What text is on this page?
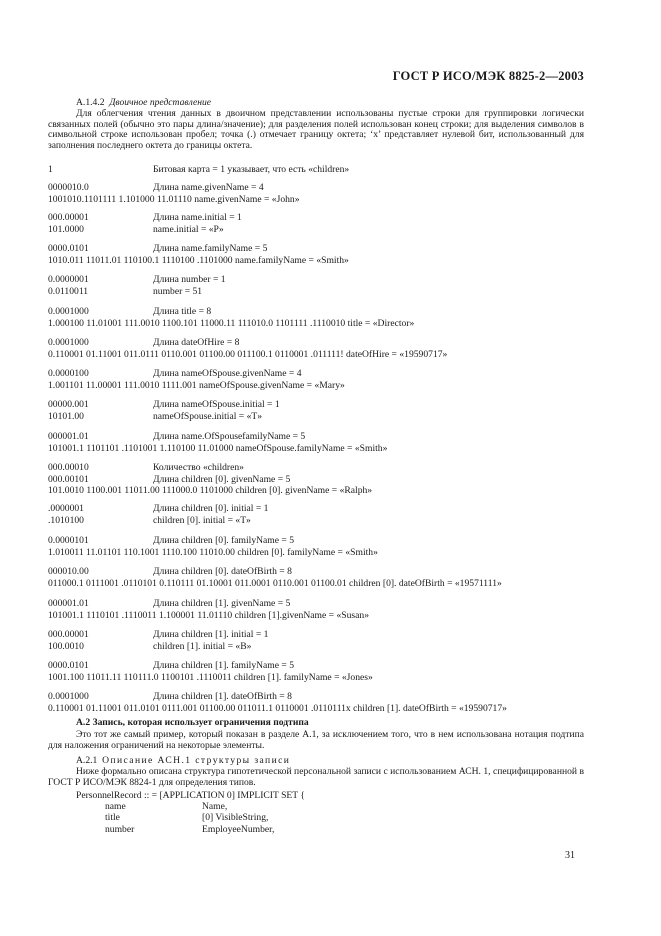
ГОСТ Р ИСО/МЭК 8825-2—2003
А.1.4.2 Двоичное представление
Для облегчения чтения данных в двоичном представлении использованы пустые строки для группировки логически связанных полей (обычно это пары длина/значение); для разделения полей использован конец строки; для выделения символов в символьной строке использован пробел; точка (.) отмечает границу октета; ‘x’ представляет нулевой бит, использованный для заполнения последнего октета до границы октета.
1	Битовая карта = 1 указывает, что есть «children»
0000010.0	Длина name.givenName = 4
1001010.1101111 1.101000 11.01110 name.givenName = «John»
000.00001	Длина name.initial = 1
101.0000	name.initial = «P»
0000.0101	Длина name.familyName = 5
1010.011 11011.01 110100.1 1110100 .1101000 name.familyName = «Smith»
0.0000001	Длина number = 1
0.0110011	number = 51
0.0001000	Длина title = 8
1.000100 11.01001 111.0010 1100.101 11000.11 111010.0 1101111 .1110010 title = «Director»
0.0001000	Длина dateOfHire = 8
0.110001 01.11001 011.0111 0110.001 01100.00 011100.1 0110001 .011111! dateOfHire = «19590717»
0.0000100	Длина nameOfSpouse.givenName = 4
1.001101 11.00001 111.0010 1111.001 nameOfSpouse.givenName = «Mary»
00000.001	Длина nameOfSpouse.initial = 1
10101.00	nameOfSpouse.initial = «T»
000001.01	Длина name.OfSpousefamilyName = 5
101001.1 1101101 .1101001 1.110100 11.01000 nameOfSpouse.familyName = «Smith»
000.00010	Количество «children»
000.00101	Длина children [0]. givenName = 5
101.0010 1100.001 11011.00 111000.0 1101000 children [0]. givenName = «Ralph»
.0000001	Длина children [0]. initial = 1
.1010100	children [0]. initial = «T»
0.0000101	Длина children [0]. familyName = 5
1.010011 11.01101 110.1001 1110.100 11010.00 children [0]. familyName = «Smith»
000010.00	Длина children [0]. dateOfBirth = 8
011000.1 0111001 .0110101 0.110111 01.10001 011.0001 0110.001 01100.01 children [0]. dateOfBirth = «19571111»
000001.01	Длина children [1]. givenName = 5
101001.1 1110101 .1110011 1.100001 11.01110 children [1].givenName = «Susan»
000.00001	Длина children [1]. initial = 1
100.0010	children [1]. initial = «B»
0000.0101	Длина children [1]. familyName = 5
1001.100 11011.11 110111.0 1100101 .1110011 children [1]. familyName = «Jones»
0.0001000	Длина children [1]. dateOfBirth = 8
0.110001 01.11001 011.0101 0111.001 01100.00 011011.1 0110001 .0110111x children [1]. dateOfBirth = «19590717»
А.2 Запись, которая использует ограничения подтипа
Это тот же самый пример, который показан в разделе А.1, за исключением того, что в нем использована нотация подтипа для наложения ограничений на некоторые элементы.
А.2.1 Описание АСН.1 структуры записи
Ниже формально описана структура гипотетической персональной записи с использованием АСН. 1, специфицированной в ГОСТ Р ИСО/МЭК 8824-1 для определения типов.
PersonnelRecord :: = [APPLICATION 0] IMPLICIT SET {
name	Name,
title	[0] VisibleString,
number	EmployeeNumber,
31
